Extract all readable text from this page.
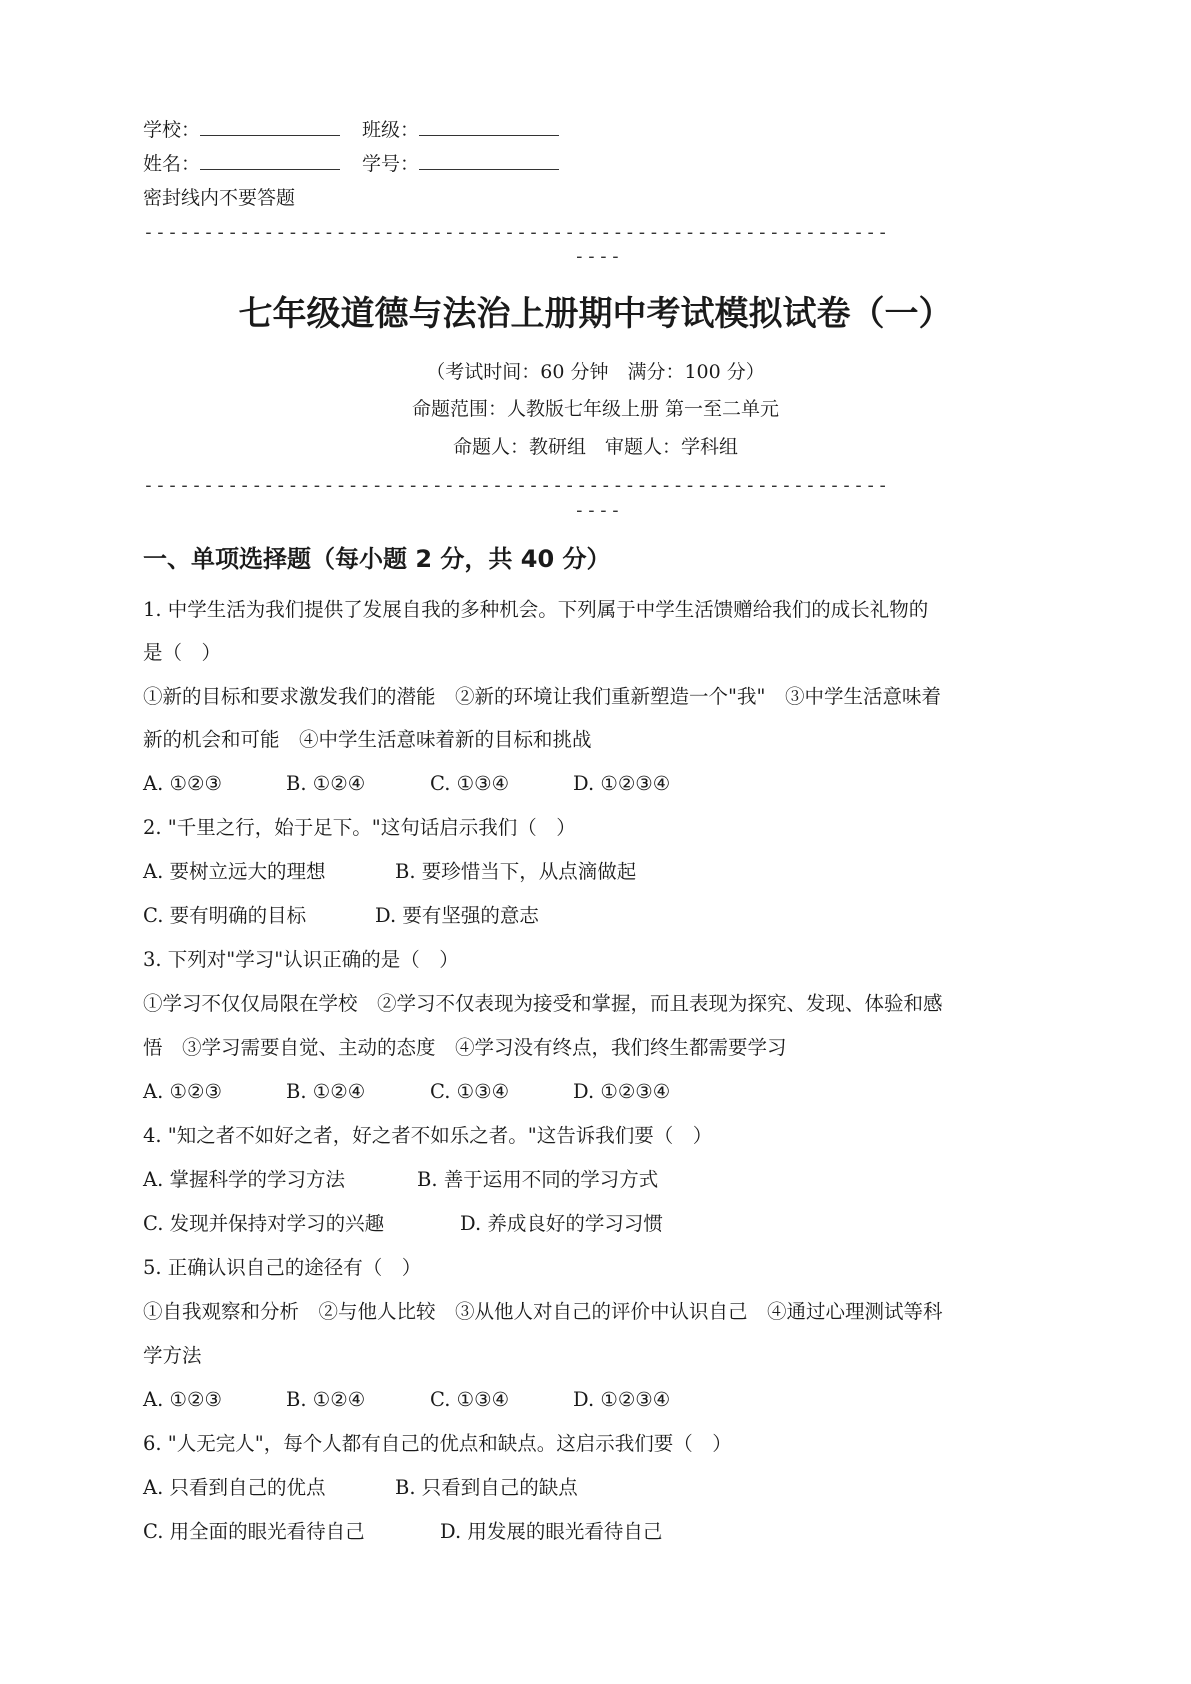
学校：	班级：
姓名：	学号：
密封线内不要答题
--------------------------------------------------------------
----
七年级道德与法治上册期中考试模拟试卷（一）
（考试时间：60 分钟　满分：100 分）
命题范围：人教版七年级上册 第一至二单元
命题人：教研组　审题人：学科组
--------------------------------------------------------------
----
一、单项选择题（每小题 2 分，共 40 分）
1. 中学生活为我们提供了发展自我的多种机会。下列属于中学生活馈赠给我们的成长礼物的
是（　）
①新的目标和要求激发我们的潜能　②新的环境让我们重新塑造一个"我"　③中学生活意味着
新的机会和可能　④中学生活意味着新的目标和挑战
A. ①②③	B. ①②④	C. ①③④	D. ①②③④
2. "千里之行，始于足下。"这句话启示我们（　）
A. 要树立远大的理想	B. 要珍惜当下，从点滴做起
C. 要有明确的目标	D. 要有坚强的意志
3. 下列对"学习"认识正确的是（　）
①学习不仅仅局限在学校　②学习不仅表现为接受和掌握，而且表现为探究、发现、体验和感
悟　③学习需要自觉、主动的态度　④学习没有终点，我们终生都需要学习
A. ①②③	B. ①②④	C. ①③④	D. ①②③④
4. "知之者不如好之者，好之者不如乐之者。"这告诉我们要（　）
A. 掌握科学的学习方法	B. 善于运用不同的学习方式
C. 发现并保持对学习的兴趣	D. 养成良好的学习习惯
5. 正确认识自己的途径有（　）
①自我观察和分析　②与他人比较　③从他人对自己的评价中认识自己　④通过心理测试等科
学方法
A. ①②③	B. ①②④	C. ①③④	D. ①②③④
6. "人无完人"，每个人都有自己的优点和缺点。这启示我们要（　）
A. 只看到自己的优点	B. 只看到自己的缺点
C. 用全面的眼光看待自己	D. 用发展的眼光看待自己
